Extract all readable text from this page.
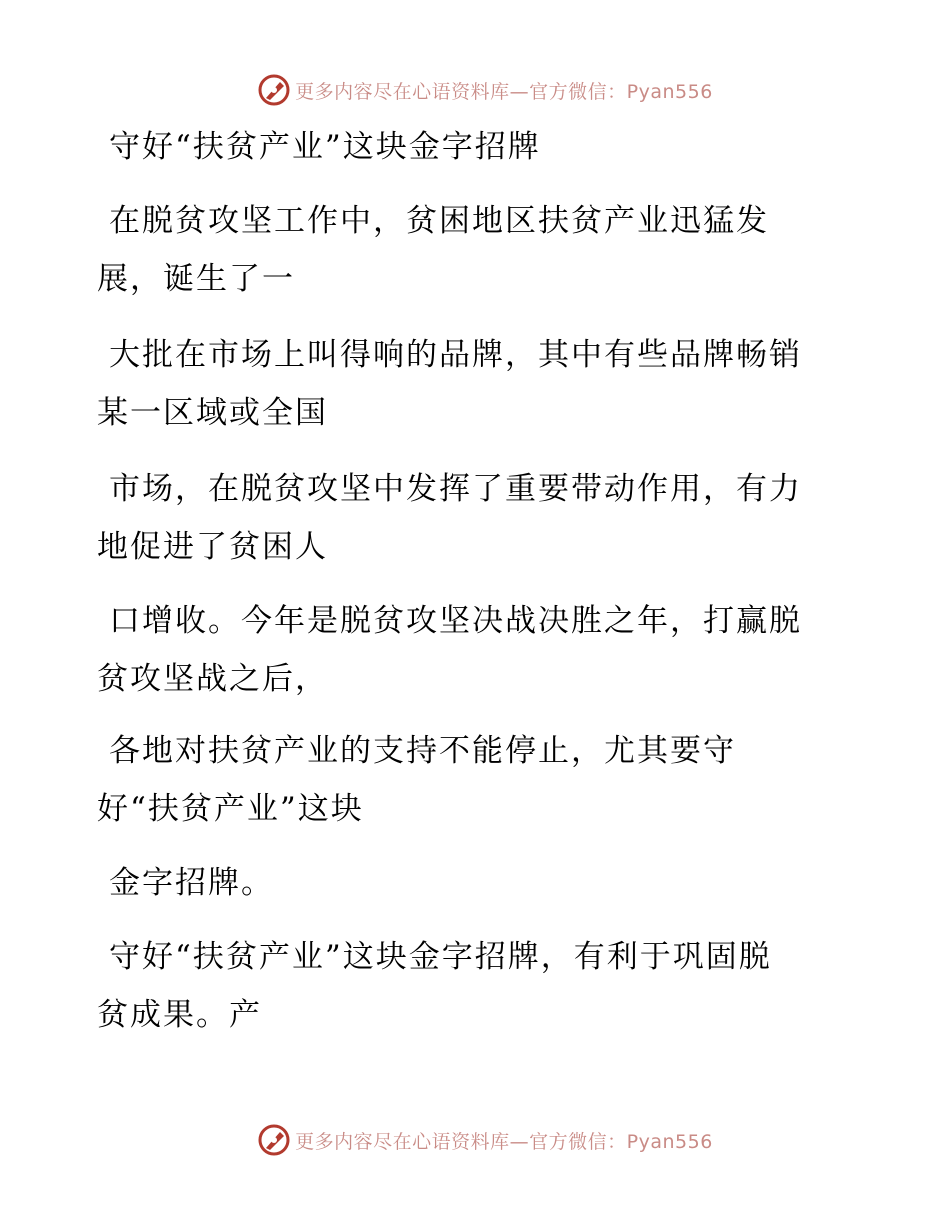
更多内容尽在心语资料库—官方微信：Pyan556
守好“扶贫产业”这块金字招牌
在脱贫攻坚工作中，贫困地区扶贫产业迅猛发
展，诞生了一
大批在市场上叫得响的品牌，其中有些品牌畅销
某一区域或全国
市场，在脱贫攻坚中发挥了重要带动作用，有力
地促进了贫困人
口增收。今年是脱贫攻坚决战决胜之年，打赢脱
贫攻坚战之后，
各地对扶贫产业的支持不能停止，尤其要守
好“扶贫产业”这块
金字招牌。
守好“扶贫产业”这块金字招牌，有利于巩固脱
贫成果。产
更多内容尽在心语资料库—官方微信：Pyan556
